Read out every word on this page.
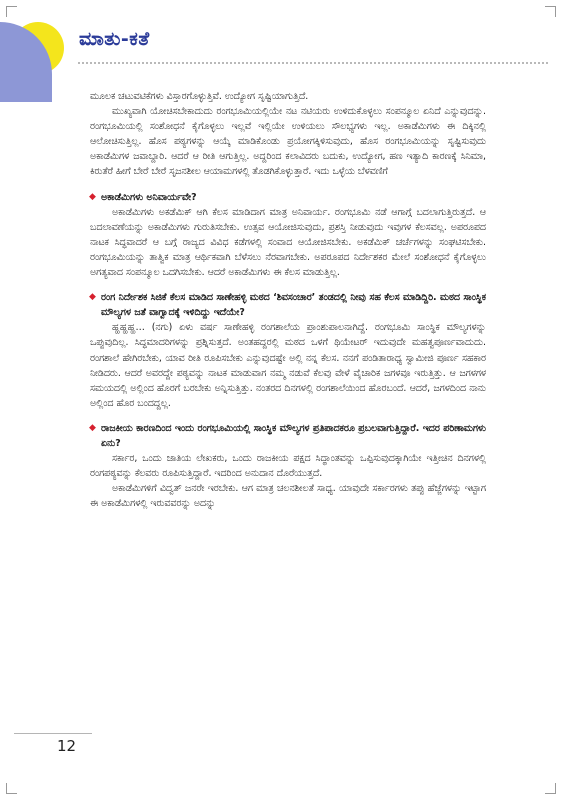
ಮಾತು-ಕತೆ

ಮೂಲಕ ಚಟುವಟಿಕೆಗಳು ವಿಸ್ತಾರಗೊಳ್ಳುತ್ತಿವೆ. ಉದ್ಯೋಗ ಸೃಷ್ಟಿಯಾಗುತ್ತಿದೆ.

ಮುಖ್ಯವಾಗಿ ಯೋಚಿಸಬೇಕಾದುದು ರಂಗಭೂಮಿಯಲ್ಲಿಯೇ ನಟ ನಟಿಯರು ಉಳಿದುಕೊಳ್ಳಲು ಸಂಪನ್ಮೂಲ ಏನಿದೆ ಎನ್ನುವುದನ್ನು. ರಂಗಭೂಮಿಯಲ್ಲಿ ಸಂಶೋಧನೆ ಕೈಗೊಳ್ಳಲು ಇಲ್ಲವೆ ಇಲ್ಲಿಯೇ ಉಳಿಯಲು ಸೌಲಭ್ಯಗಳು ಇಲ್ಲ. ಅಕಾಡೆಮಿಗಳು ಈ ದಿಕ್ಕಿನಲ್ಲಿ ಆಲೋಚಿಸುತ್ತಿಲ್ಲ. ಹೊಸ ಪಠ್ಯಗಳನ್ನು ಆಯ್ಕೆ ಮಾಡಿಕೊಂಡು ಪ್ರಯೋಗಕ್ಕಿಳಿಸುವುದು, ಹೊಸ ರಂಗಭೂಮಿಯನ್ನು ಸೃಷ್ಟಿಸುವುದು ಅಕಾಡೆಮಿಗಳ ಜವಾಬ್ದಾರಿ. ಆದರೆ ಆ ರೀತಿ ಆಗುತ್ತಿಲ್ಲ. ಅದ್ದರಿಂದ ಕಲಾವಿದರು ಬದುಕು, ಉದ್ಯೋಗ, ಹಣ ಇತ್ಯಾದಿ ಕಾರಣಕ್ಕೆ ಸಿನಿಮಾ, ಕಿರುತೆರೆ ಹೀಗೆ ಬೇರೆ ಬೇರೆ ಸೃಜನಶೀಲ ಆಯಾಮಗಳಲ್ಲಿ ತೊಡಗಿಕೊಳ್ಳುತ್ತಾರೆ. ಇದು ಒಳ್ಳೆಯ ಬೆಳವಣಿಗೆ

◆ ಅಕಾಡೆಮಿಗಳು ಅನಿವಾರ್ಯವೇ?

ಅಕಾಡೆಮಿಗಳು ಅಕಡೆಮಿಕ್ ಆಗಿ ಕೆಲಸ ಮಾಡಿದಾಗ ಮಾತ್ರ ಅನಿವಾರ್ಯ. ರಂಗಭೂಮಿ ನಡೆ ಆಗಾಗ್ಗೆ ಬದಲಾಗುತ್ತಿರುತ್ತದೆ. ಆ ಬದಲಾವಣೆಯನ್ನು ಅಕಾಡೆಮಿಗಳು ಗುರುತಿಸಬೇಕು. ಉತ್ಸವ ಆಯೋಜಿಸುವುದು, ಪ್ರಶಸ್ತಿ ನೀಡುವುದು ಇವುಗಳ ಕೆಲಸವಲ್ಲ. ಅಪರೂಪದ ನಾಟಕ ಸಿದ್ಧವಾದರೆ ಆ ಬಗ್ಗೆ ರಾಜ್ಯದ ವಿವಿಧ ಕಡೆಗಳಲ್ಲಿ ಸಂವಾದ ಆಯೋಜಿಸಬೇಕು. ಅಕಡೆಮಿಕ್ ಚರ್ಚೆಗಳನ್ನು ಸಂಘಟಿಸಬೇಕು. ರಂಗಭೂಮಿಯನ್ನು ತಾತ್ವಿಕ ಮಾತ್ರ ಆರ್ಥಿಕವಾಗಿ ಬೆಳೆಸಲು ನೆರವಾಗಬೇಕು. ಅಪರೂಪದ ನಿರ್ದೇಶಕರ ಮೇಲೆ ಸಂಶೋಧನೆ ಕೈಗೊಳ್ಳಲು ಅಗತ್ಯವಾದ ಸಂಪನ್ಮೂಲ ಒದಗಿಸಬೇಕು. ಆದರೆ ಅಕಾಡೆಮಿಗಳು ಈ ಕೆಲಸ ಮಾಡುತ್ತಿಲ್ಲ.

◆ ರಂಗ ನಿರ್ದೇಶಕ ಸಿಜಿಕೆ ಕೆಲಸ ಮಾಡಿದ ಸಾಣೇಹಳ್ಳಿ ಮಠದ ‘ಶಿವಸಂಚಾರ’ ತಂಡದಲ್ಲಿ ನೀವು ಸಹ ಕೆಲಸ ಮಾಡಿದ್ದಿರಿ. ಮಠದ ಸಾಂಸ್ಥಿಕ ಮೌಲ್ಯಗಳ ಜತೆ ವಾಗ್ವಾದಕ್ಕೆ ಇಳಿದಿದ್ದು ಇದೆಯೇ?

ಹ್ಹಹ್ಹಹ್ಹ… (ನಗು) ಏಳು ವರ್ಷ ಸಾಣೇಹಳ್ಳಿ ರಂಗಶಾಲೆಯ ಪ್ರಾಂಶುಪಾಲನಾಗಿದ್ದೆ. ರಂಗಭೂಮಿ ಸಾಂಸ್ಥಿಕ ಮೌಲ್ಯಗಳನ್ನು ಒಪ್ಪುವುದಿಲ್ಲ. ಸಿದ್ಧಮಾದರಿಗಳನ್ನು ಪ್ರಶ್ನಿಸುತ್ತದೆ. ಅಂತಹದ್ದರಲ್ಲಿ ಮಠದ ಒಳಗೆ ಥಿಯೇಟರ್ ಇದುವುದೇ ಮಹತ್ವಪೂರ್ಣವಾದುದು. ರಂಗಶಾಲೆ ಹೇಗಿರಬೇಕು, ಯಾವ ರೀತಿ ರೂಪಿಸಬೇಕು ಎನ್ನುವುದಷ್ಟೇ ಅಲ್ಲಿ ನನ್ನ ಕೆಲಸ. ನನಗೆ ಪಂಡಿತಾರಾಧ್ಯ ಸ್ವಾಮೀಜಿ ಪೂರ್ಣ ಸಹಕಾರ ನೀಡಿದರು. ಆದರೆ ಅವರದ್ದೇ ಪಠ್ಯವನ್ನು ನಾಟಕ ಮಾಡುವಾಗ ನಮ್ಮ ನಡುವೆ ಕೆಲವು ವೇಳೆ ವೈಚಾರಿಕ ಜಗಳವೂ ಇರುತ್ತಿತ್ತು. ಆ ಜಗಳಗಳ ಸಮಯದಲ್ಲಿ ಅಲ್ಲಿಂದ ಹೊರಗೆ ಬರಬೇಕು ಅನ್ನಿಸುತ್ತಿತ್ತು. ನಂತರದ ದಿನಗಳಲ್ಲಿ ರಂಗಶಾಲೆಯಿಂದ ಹೊರಬಂದೆ. ಆದರೆ, ಜಗಳದಿಂದ ನಾನು ಅಲ್ಲಿಂದ ಹೊರ ಬಂದದ್ದಲ್ಲ.

◆ ರಾಜಕೀಯ ಕಾರಣದಿಂದ ಇಂದು ರಂಗಭೂಮಿಯಲ್ಲಿ ಸಾಂಸ್ಥಿಕ ಮೌಲ್ಯಗಳ ಪ್ರತಿಪಾದಕರೂ ಪ್ರಬಲವಾಗುತ್ತಿದ್ದಾರೆ. ಇದರ ಪರಿಣಾಮಗಳು ಏನು?

ಸರ್ಕಾರ, ಒಂದು ಜಾತಿಯ ಲೇಖಕರು, ಒಂದು ರಾಜಕೀಯ ಪಕ್ಷದ ಸಿದ್ಧಾಂತವನ್ನು ಒಪ್ಪಿಸುವುದಕ್ಕಾಗಿಯೇ ಇತ್ತೀಚಿನ ದಿನಗಳಲ್ಲಿ ರಂಗಪಠ್ಯವನ್ನು ಕೆಲವರು ರೂಪಿಸುತ್ತಿದ್ದಾರೆ. ಇದರಿಂದ ಅನುದಾನ ದೊರೆಯುತ್ತದೆ.

ಅಕಾಡೆಮಿಗಳಿಗೆ ವಿದ್ವತ್ ಜನರೇ ಇರಬೇಕು. ಆಗ ಮಾತ್ರ ಚಲನಶೀಲತೆ ಸಾಧ್ಯ. ಯಾವುದೇ ಸರ್ಕಾರಗಳು ತಪ್ಪು ಹೆಜ್ಜೆಗಳನ್ನು ಇಟ್ಟಾಗ ಈ ಅಕಾಡೆಮಿಗಳಲ್ಲಿ ಇರುವವರನ್ನು ಅದನ್ನು

12
